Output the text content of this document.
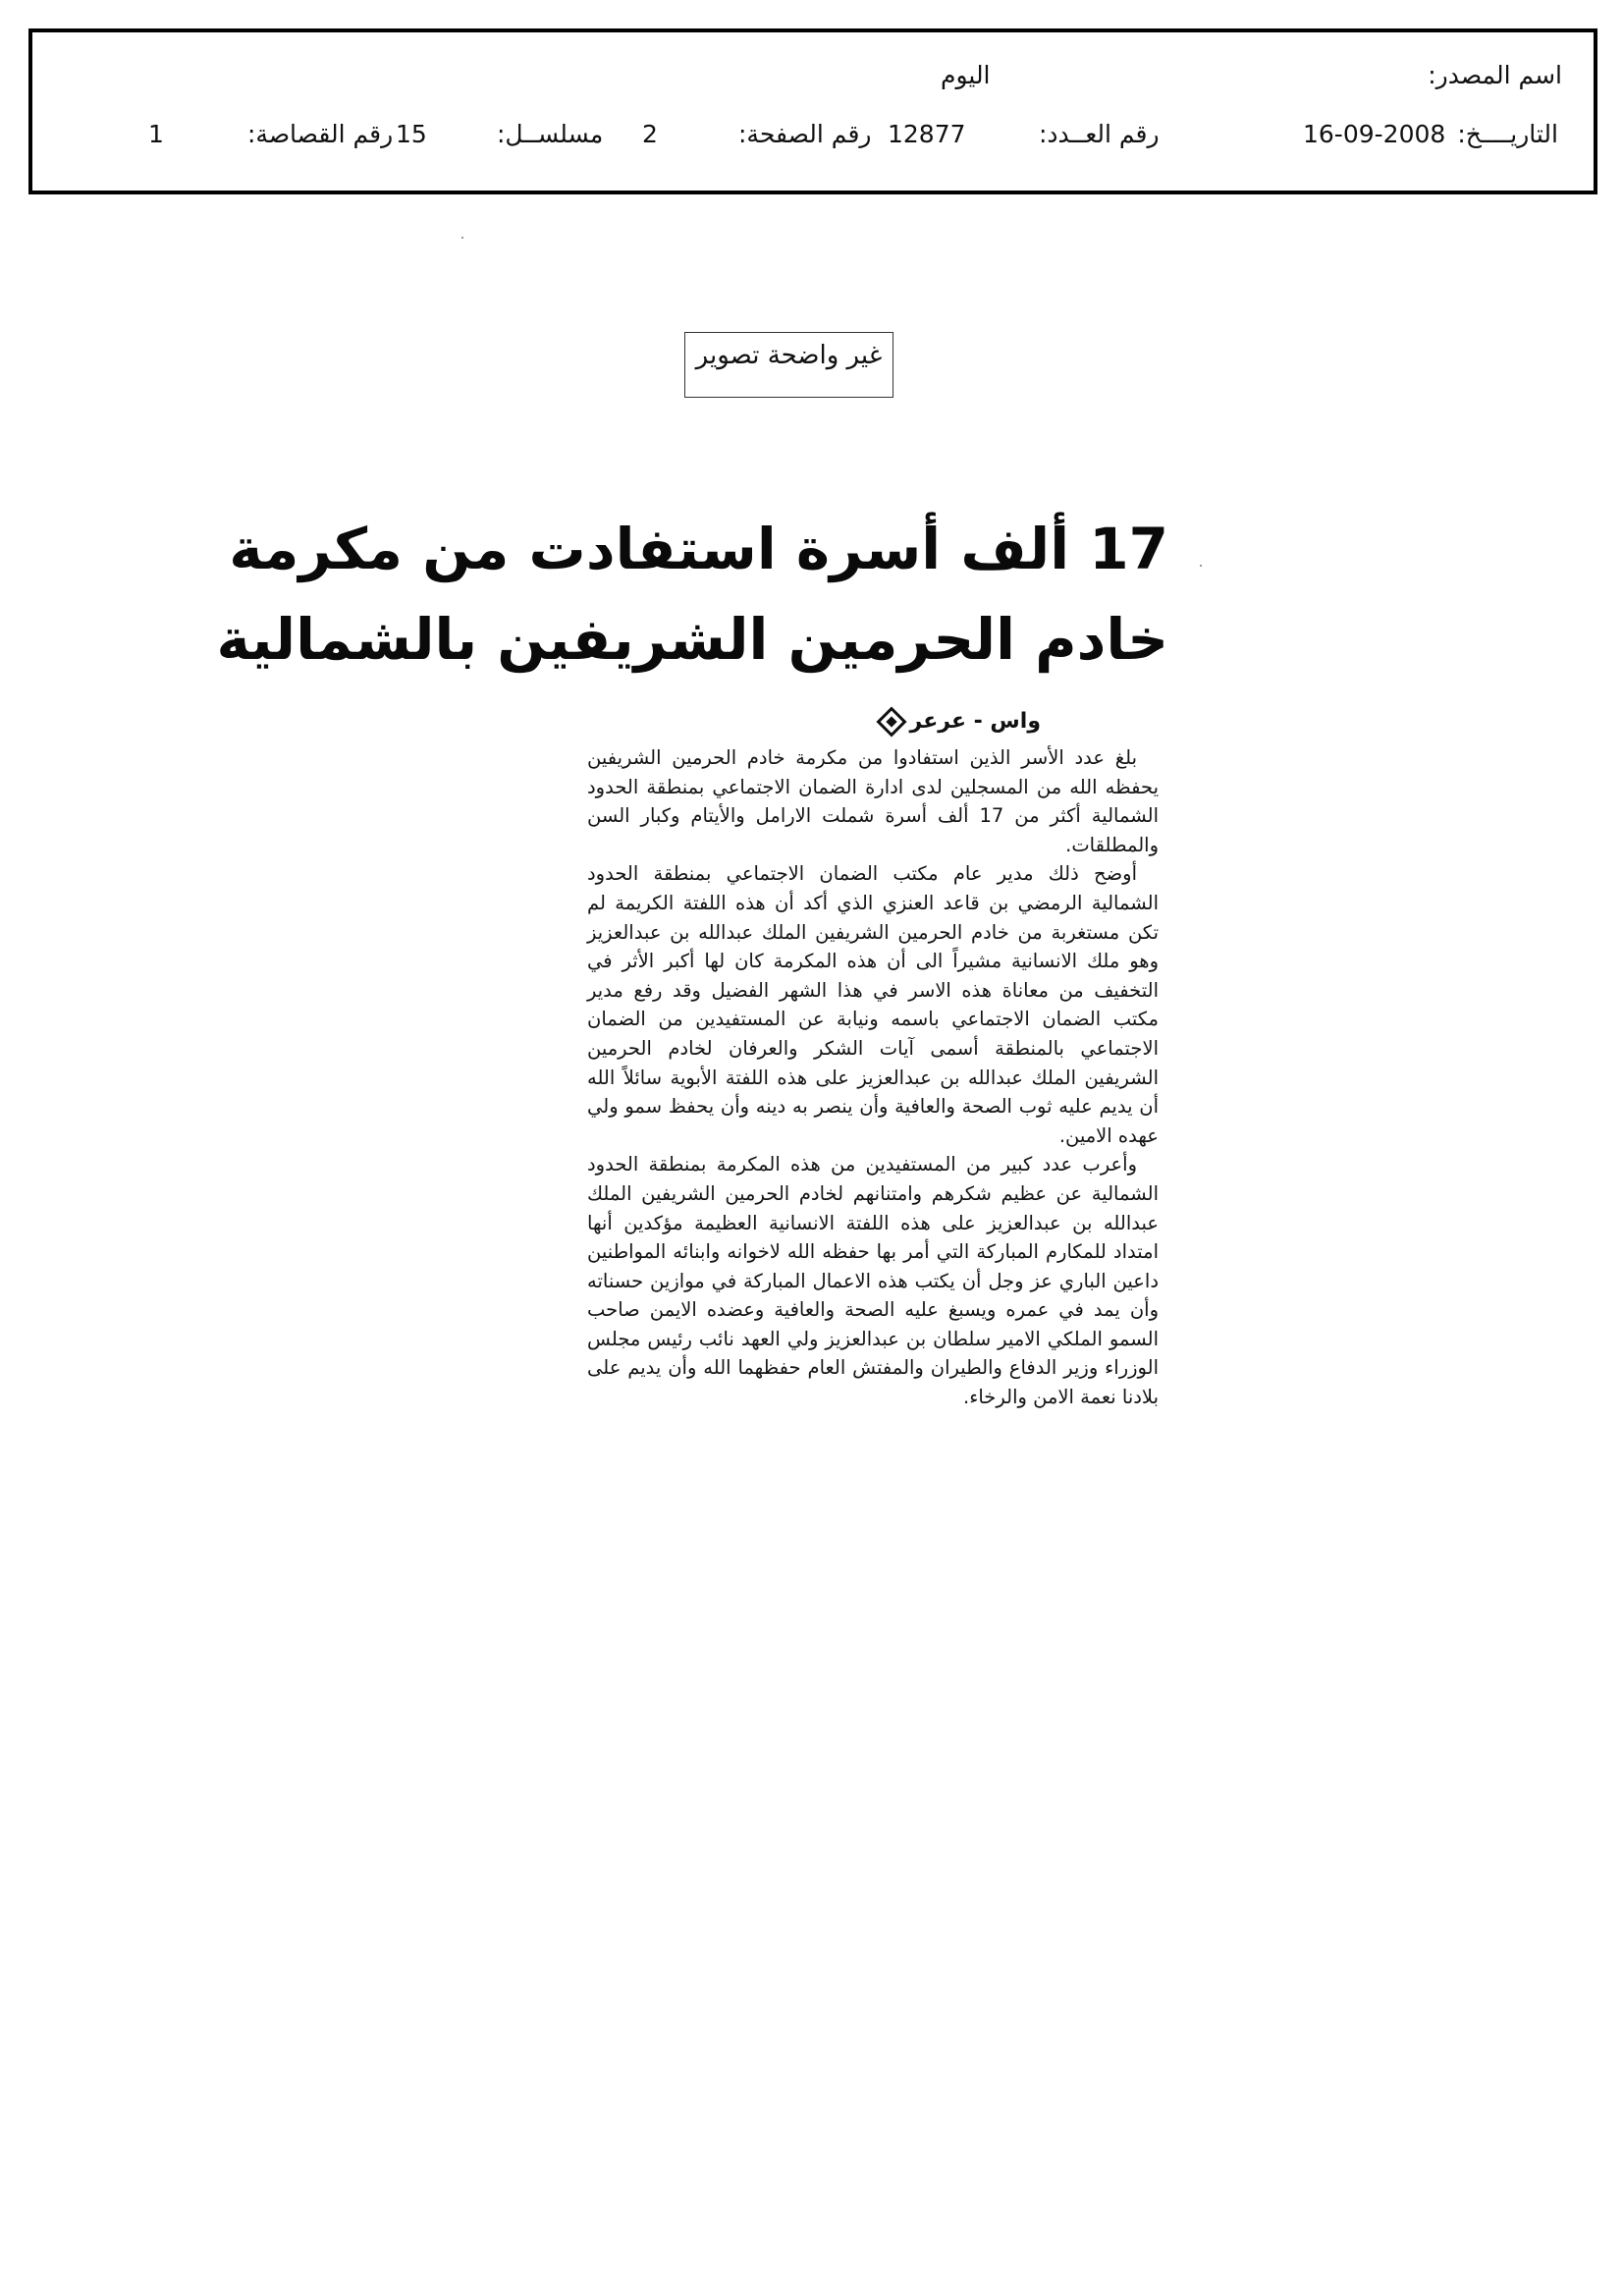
اسم المصدر:
اليوم
التاريــــخ:
16-09-2008
رقم العــدد:
12877
رقم الصفحة:
2
مسلســل:
15
رقم القصاصة:
1
غير واضحة تصوير
17 ألف أسرة استفادت من مكرمة
خادم الحرمين الشريفين بالشمالية
واس - عرعر

بلغ عدد الأسر الذين استفادوا من مكرمة خادم الحرمين الشريفين يحفظه الله من المسجلين لدى ادارة الضمان الاجتماعي بمنطقة الحدود الشمالية أكثر من 17 ألف أسرة شملت الارامل والأيتام وكبار السن والمطلقات.

أوضح ذلك مدير عام مكتب الضمان الاجتماعي بمنطقة الحدود الشمالية الرمضي بن قاعد العنزي الذي أكد أن هذه اللفتة الكريمة لم تكن مستغربة من خادم الحرمين الشريفين الملك عبدالله بن عبدالعزيز وهو ملك الانسانية مشيراً الى أن هذه المكرمة كان لها أكبر الأثر في التخفيف من معاناة هذه الاسر في هذا الشهر الفضيل وقد رفع مدير مكتب الضمان الاجتماعي باسمه ونيابة عن المستفيدين من الضمان الاجتماعي بالمنطقة أسمى آيات الشكر والعرفان لخادم الحرمين الشريفين الملك عبدالله بن عبدالعزيز على هذه اللفتة الأبوية سائلاً الله أن يديم عليه ثوب الصحة والعافية وأن ينصر به دينه وأن يحفظ سمو ولي عهده الامين.

وأعرب عدد كبير من المستفيدين من هذه المكرمة بمنطقة الحدود الشمالية عن عظيم شكرهم وامتنانهم لخادم الحرمين الشريفين الملك عبدالله بن عبدالعزيز على هذه اللفتة الانسانية العظيمة مؤكدين أنها امتداد للمكارم المباركة التي أمر بها حفظه الله لاخوانه وابنائه المواطنين داعين الباري عز وجل أن يكتب هذه الاعمال المباركة في موازين حسناته وأن يمد في عمره ويسبغ عليه الصحة والعافية وعضده الايمن صاحب السمو الملكي الامير سلطان بن عبدالعزيز ولي العهد نائب رئيس مجلس الوزراء وزير الدفاع والطيران والمفتش العام حفظهما الله وأن يديم على بلادنا نعمة الامن والرخاء.
